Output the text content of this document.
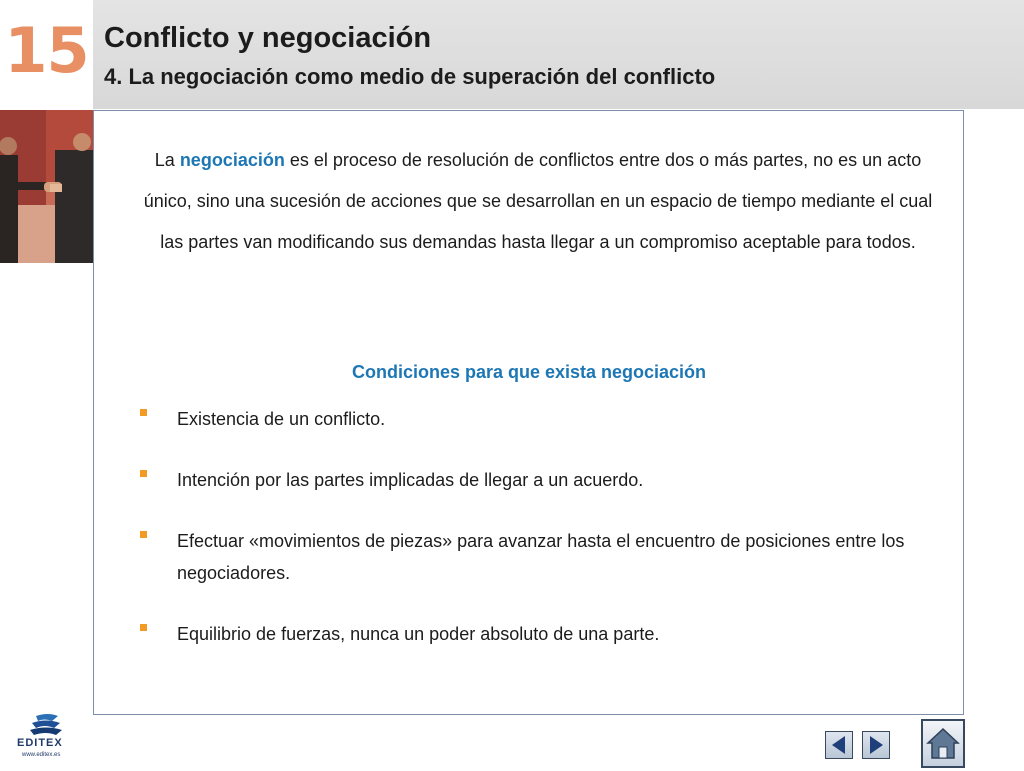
15 Conflicto y negociación
4. La negociación como medio de superación del conflicto
La negociación es el proceso de resolución de conflictos entre dos o más partes, no es un acto único, sino una sucesión de acciones que se desarrollan en un espacio de tiempo mediante el cual las partes van modificando sus demandas hasta llegar a un compromiso aceptable para todos.
Condiciones para que exista negociación
Existencia de un conflicto.
Intención por las partes implicadas de llegar a un acuerdo.
Efectuar «movimientos de piezas» para avanzar hasta el encuentro de posiciones entre los negociadores.
Equilibrio de fuerzas, nunca un poder absoluto de una parte.
EDITEX
www.editex.es
